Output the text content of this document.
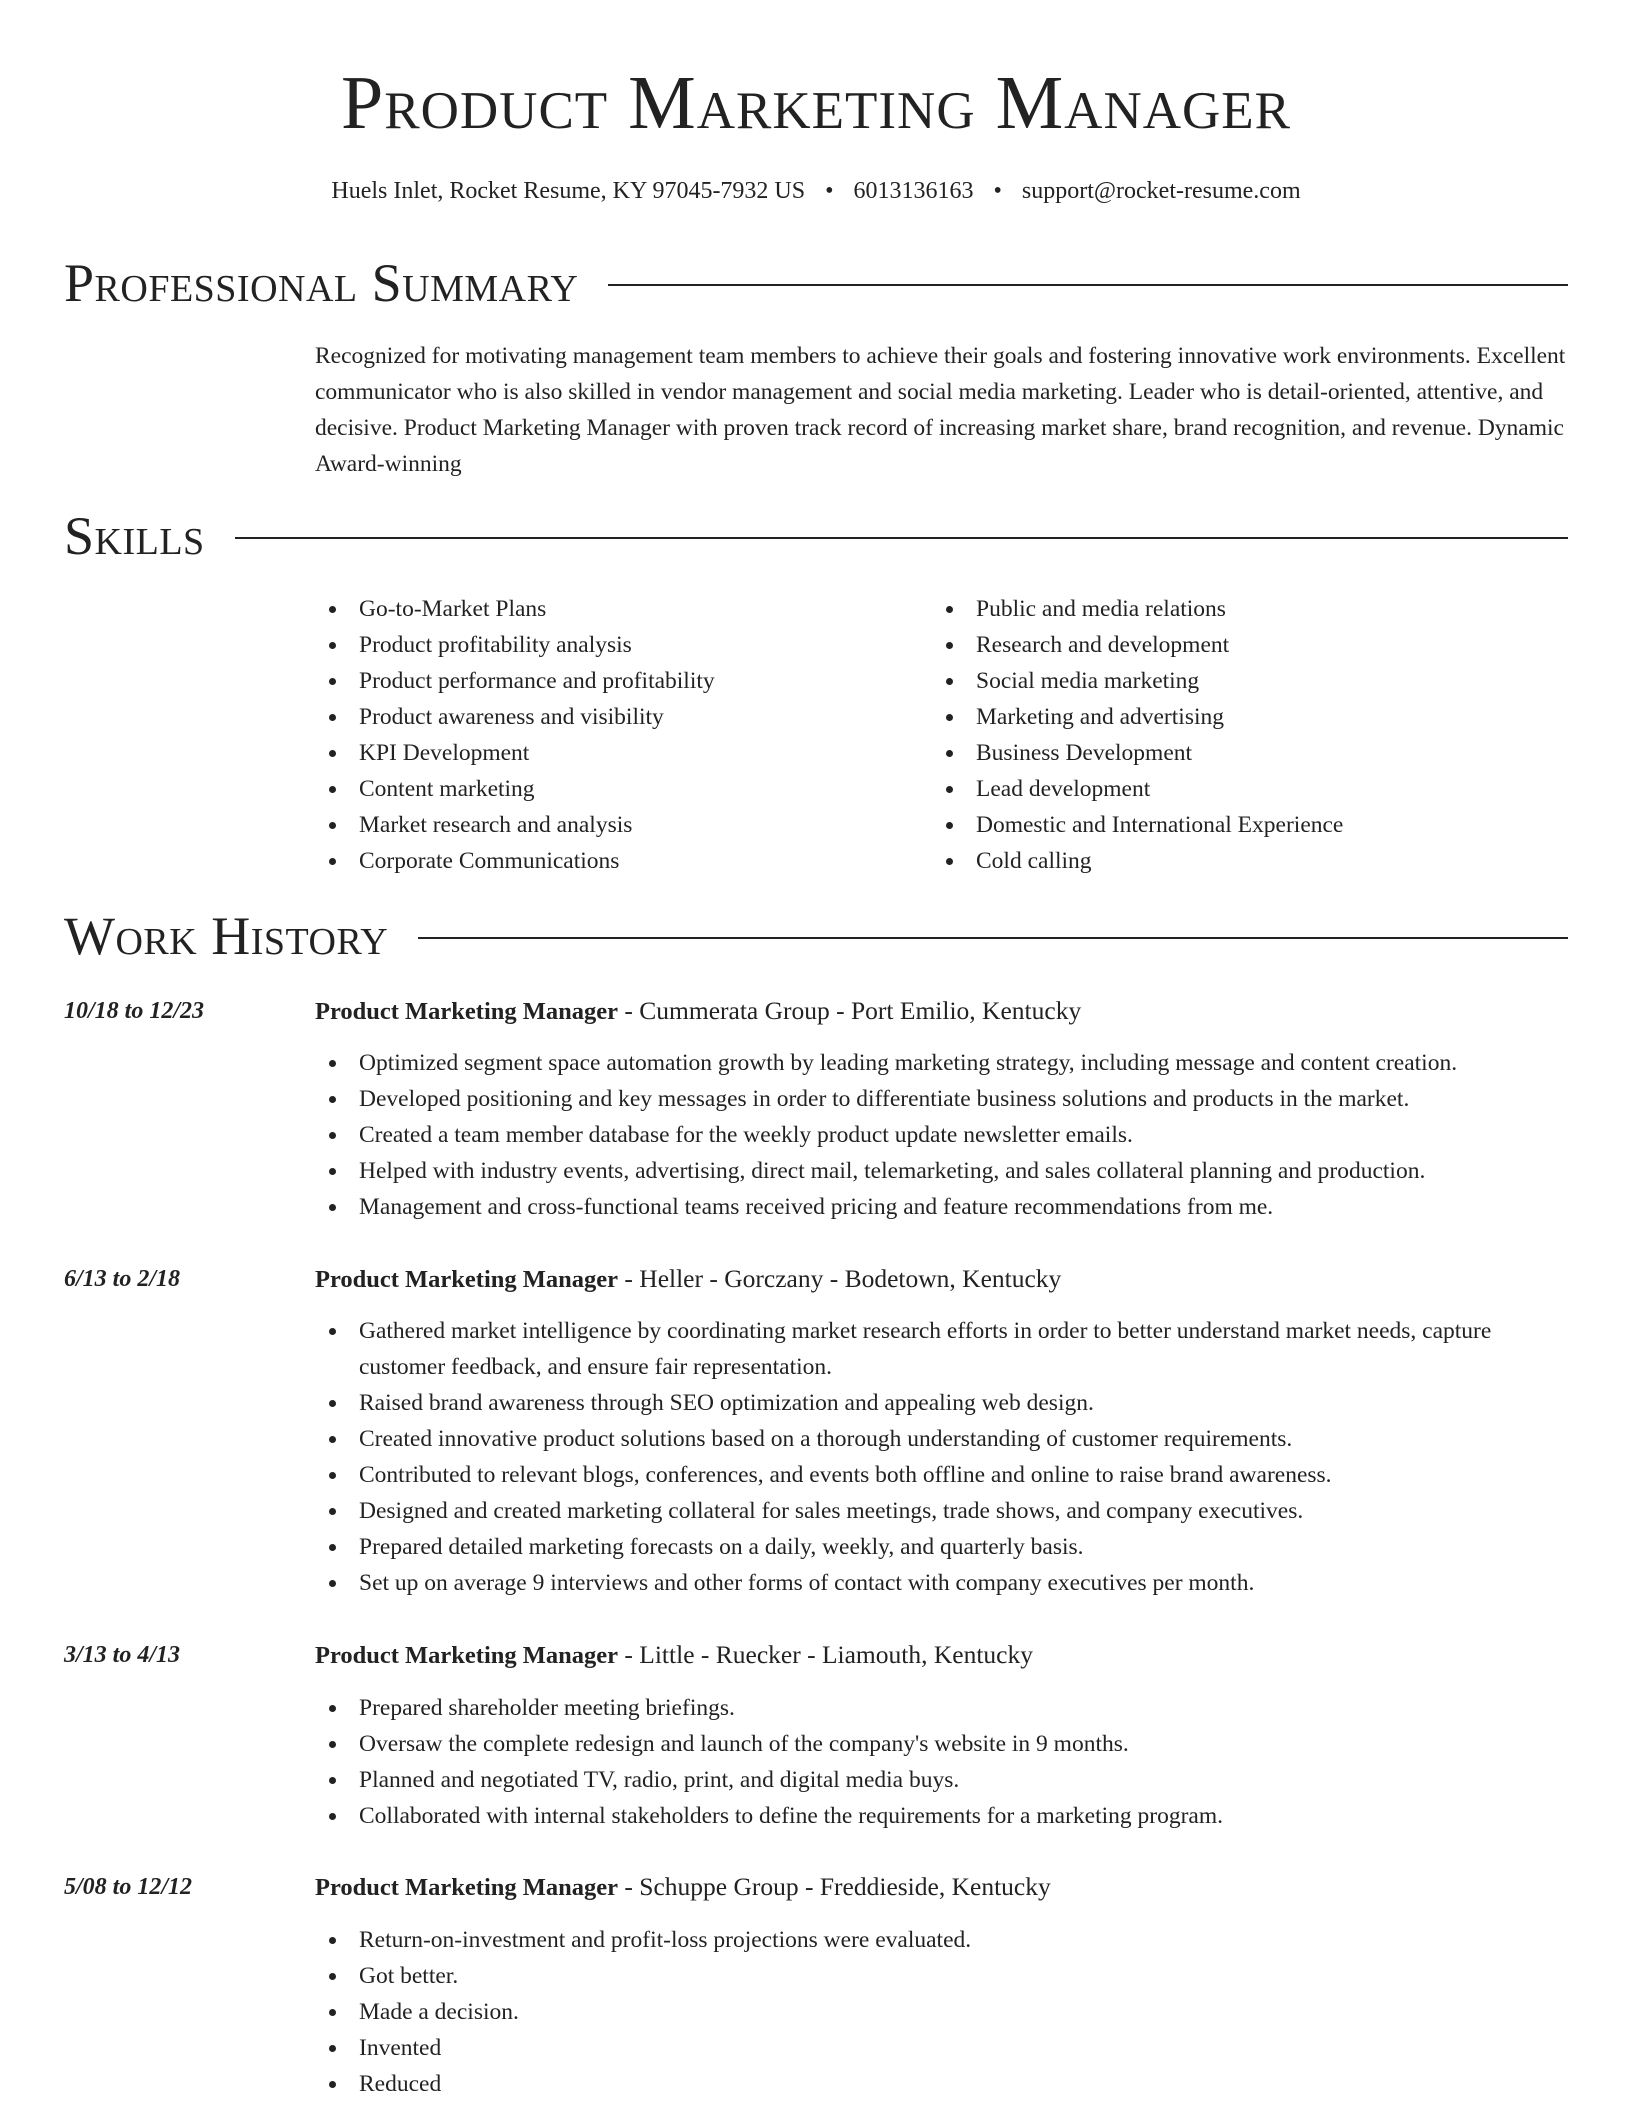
Product Marketing Manager
Huels Inlet, Rocket Resume, KY 97045-7932 US • 6013136163 • support@rocket-resume.com
Professional Summary

Recognized for motivating management team members to achieve their goals and fostering innovative work environments. Excellent communicator who is also skilled in vendor management and social media marketing. Leader who is detail-oriented, attentive, and decisive. Product Marketing Manager with proven track record of increasing market share, brand recognition, and revenue. Dynamic Award-winning

Skills
Go-to-Market Plans
Product profitability analysis
Product performance and profitability
Product awareness and visibility
KPI Development
Content marketing
Market research and analysis
Corporate Communications
Public and media relations
Research and development
Social media marketing
Marketing and advertising
Business Development
Lead development
Domestic and International Experience
Cold calling
Work History
10/18 to 12/23	Product Marketing Manager - Cummerata Group - Port Emilio, Kentucky
Optimized segment space automation growth by leading marketing strategy, including message and content creation.
Developed positioning and key messages in order to differentiate business solutions and products in the market.
Created a team member database for the weekly product update newsletter emails.
Helped with industry events, advertising, direct mail, telemarketing, and sales collateral planning and production.
Management and cross-functional teams received pricing and feature recommendations from me.
6/13 to 2/18	Product Marketing Manager - Heller - Gorczany - Bodetown, Kentucky
Gathered market intelligence by coordinating market research efforts in order to better understand market needs, capture customer feedback, and ensure fair representation.
Raised brand awareness through SEO optimization and appealing web design.
Created innovative product solutions based on a thorough understanding of customer requirements.
Contributed to relevant blogs, conferences, and events both offline and online to raise brand awareness.
Designed and created marketing collateral for sales meetings, trade shows, and company executives.
Prepared detailed marketing forecasts on a daily, weekly, and quarterly basis.
Set up on average 9 interviews and other forms of contact with company executives per month.
3/13 to 4/13	Product Marketing Manager - Little - Ruecker - Liamouth, Kentucky
Prepared shareholder meeting briefings.
Oversaw the complete redesign and launch of the company's website in 9 months.
Planned and negotiated TV, radio, print, and digital media buys.
Collaborated with internal stakeholders to define the requirements for a marketing program.
5/08 to 12/12	Product Marketing Manager - Schuppe Group - Freddieside, Kentucky
Return-on-investment and profit-loss projections were evaluated.
Got better.
Made a decision.
Invented
Reduced
